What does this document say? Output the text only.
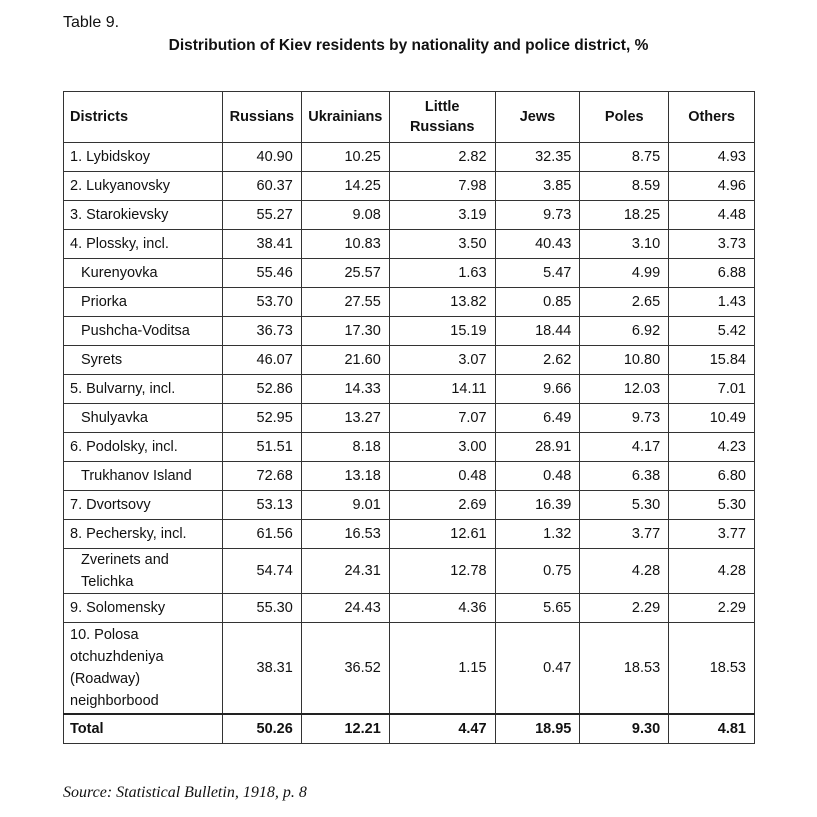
Table 9.
Distribution of Kiev residents by nationality and police district, %
Districts	Russians	Ukrainians	Little Russians	Jews	Poles	Others
1. Lybidskoy	40.90	10.25	2.82	32.35	8.75	4.93
2. Lukyanovsky	60.37	14.25	7.98	3.85	8.59	4.96
3. Starokievsky	55.27	9.08	3.19	9.73	18.25	4.48
4. Plossky, incl.	38.41	10.83	3.50	40.43	3.10	3.73
Kurenyovka	55.46	25.57	1.63	5.47	4.99	6.88
Priorka	53.70	27.55	13.82	0.85	2.65	1.43
Pushcha-Voditsa	36.73	17.30	15.19	18.44	6.92	5.42
Syrets	46.07	21.60	3.07	2.62	10.80	15.84
5. Bulvarny, incl.	52.86	14.33	14.11	9.66	12.03	7.01
Shulyavka	52.95	13.27	7.07	6.49	9.73	10.49
6. Podolsky, incl.	51.51	8.18	3.00	28.91	4.17	4.23
Trukhanov Island	72.68	13.18	0.48	0.48	6.38	6.80
7. Dvortsovy	53.13	9.01	2.69	16.39	5.30	5.30
8. Pechersky, incl.	61.56	16.53	12.61	1.32	3.77	3.77
Zverinets and Telichka	54.74	24.31	12.78	0.75	4.28	4.28
9. Solomensky	55.30	24.43	4.36	5.65	2.29	2.29
10. Polosa otchuzhdeniya (Roadway) neighborbood	38.31	36.52	1.15	0.47	18.53	18.53
Total	50.26	12.21	4.47	18.95	9.30	4.81
Source: Statistical Bulletin, 1918, p. 8
